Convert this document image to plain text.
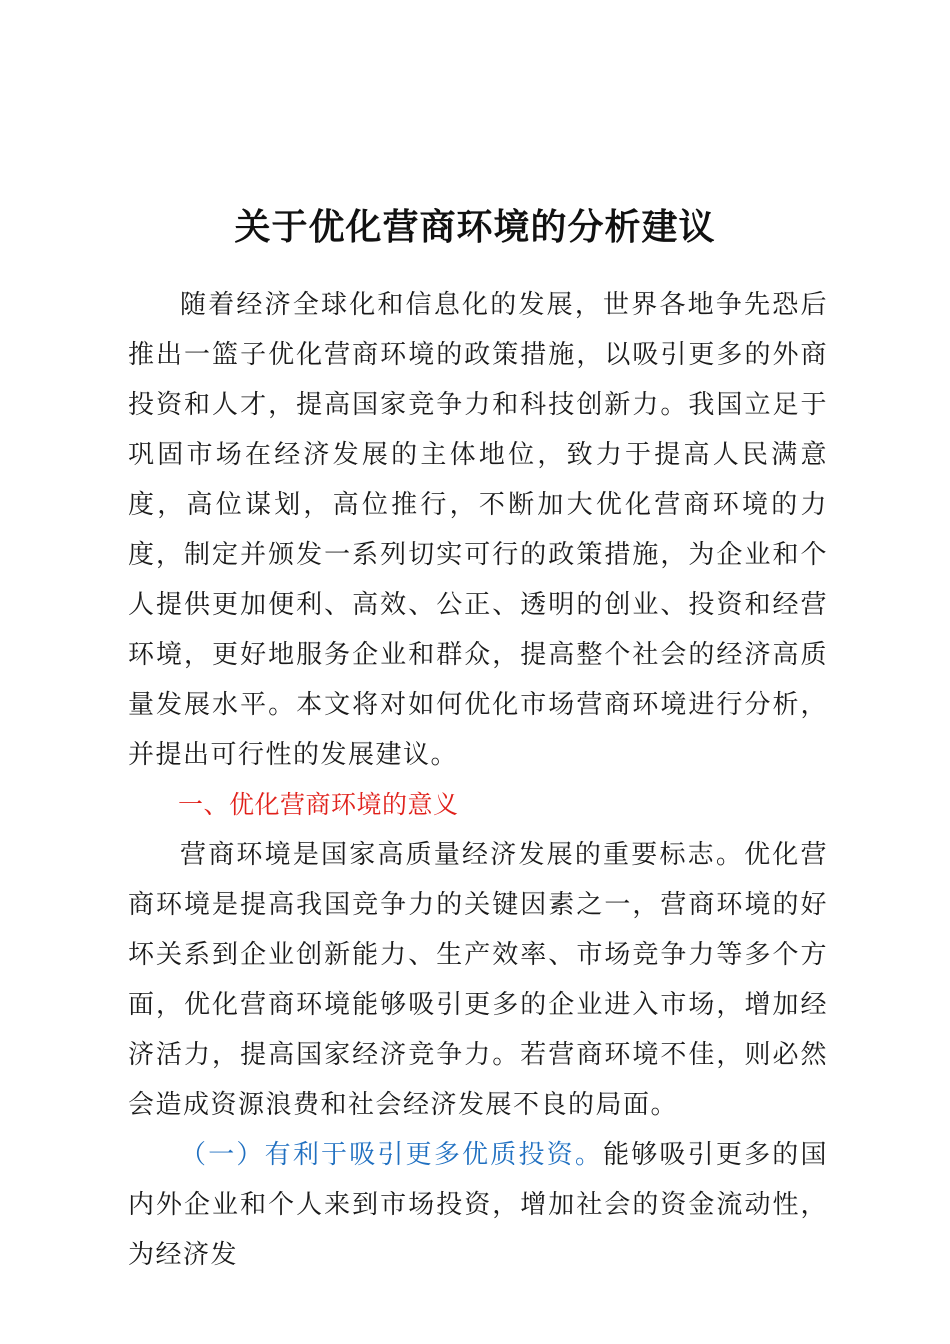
关于优化营商环境的分析建议

随着经济全球化和信息化的发展，世界各地争先恐后推出一篮子优化营商环境的政策措施，以吸引更多的外商投资和人才，提高国家竞争力和科技创新力。我国立足于巩固市场在经济发展的主体地位，致力于提高人民满意度，高位谋划，高位推行，不断加大优化营商环境的力度，制定并颁发一系列切实可行的政策措施，为企业和个人提供更加便利、高效、公正、透明的创业、投资和经营环境，更好地服务企业和群众，提高整个社会的经济高质量发展水平。本文将对如何优化市场营商环境进行分析，并提出可行性的发展建议。

一、优化营商环境的意义

营商环境是国家高质量经济发展的重要标志。优化营商环境是提高我国竞争力的关键因素之一，营商环境的好坏关系到企业创新能力、生产效率、市场竞争力等多个方面，优化营商环境能够吸引更多的企业进入市场，增加经济活力，提高国家经济竞争力。若营商环境不佳，则必然会造成资源浪费和社会经济发展不良的局面。

（一）有利于吸引更多优质投资。能够吸引更多的国内外企业和个人来到市场投资，增加社会的资金流动性，为经济发
